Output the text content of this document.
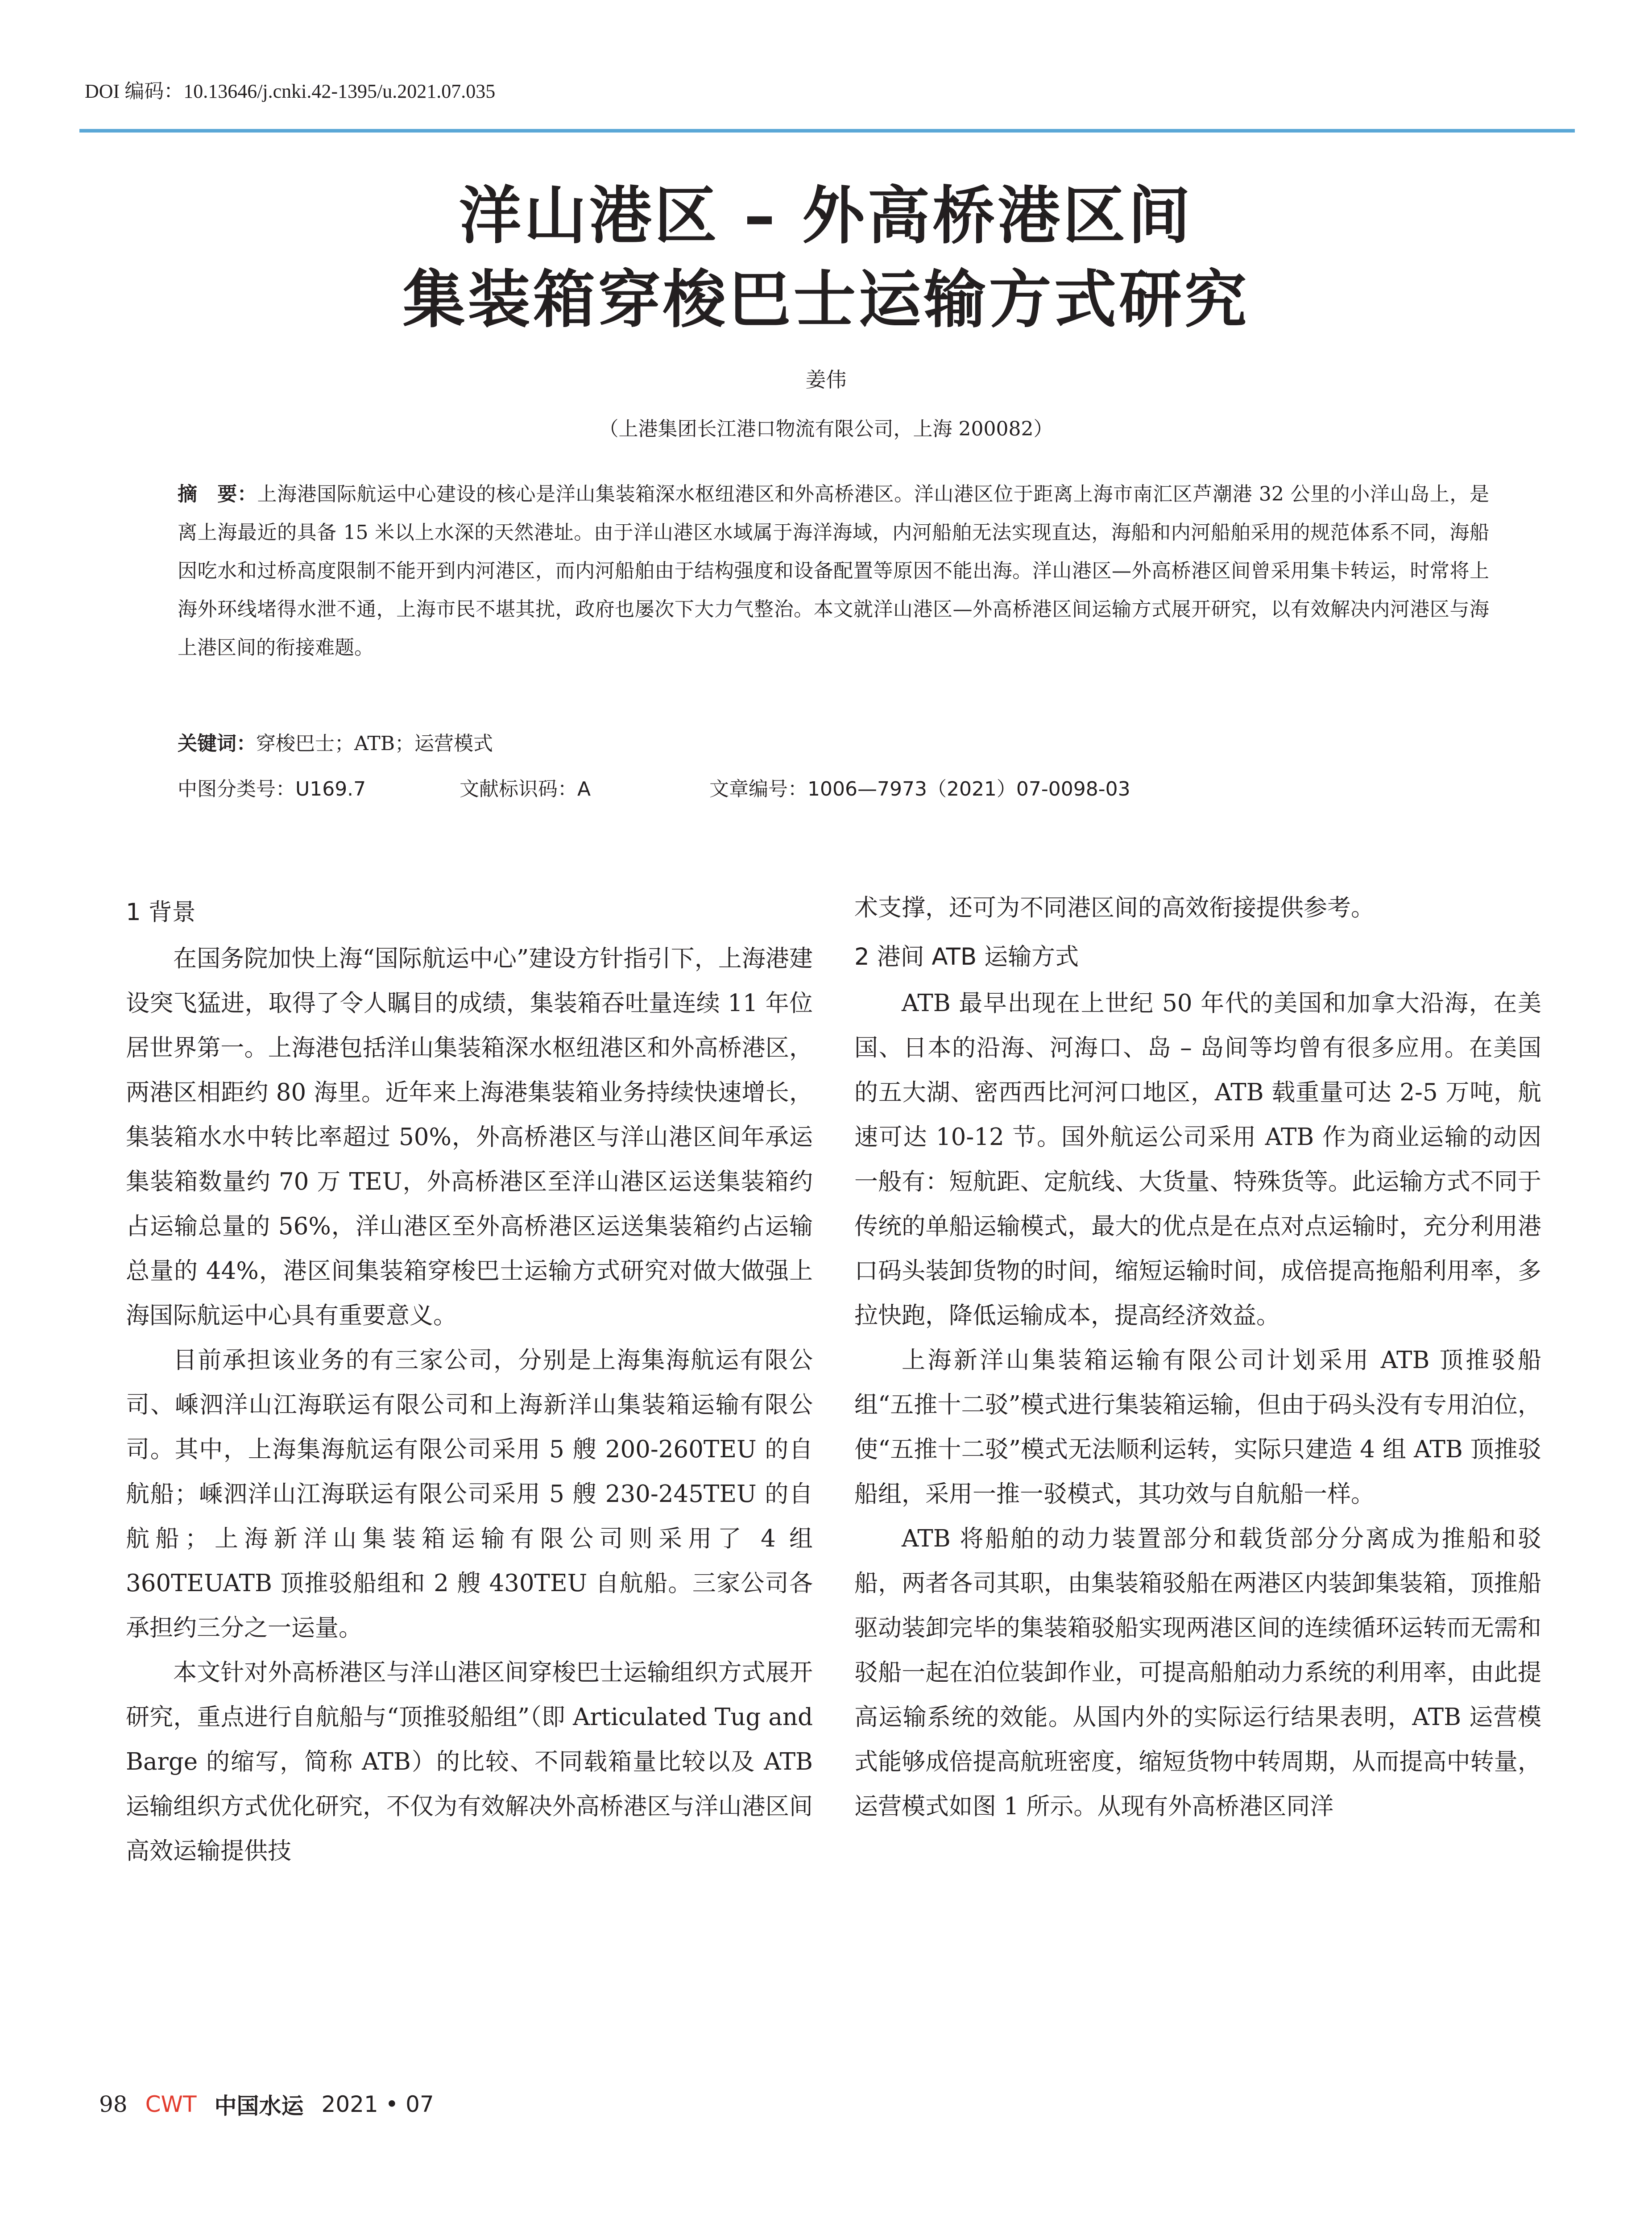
DOI 编码：10.13646/j.cnki.42-1395/u.2021.07.035
洋山港区 – 外高桥港区间
集装箱穿梭巴士运输方式研究
姜伟
（上港集团长江港口物流有限公司，上海 200082）
摘　要：上海港国际航运中心建设的核心是洋山集装箱深水枢纽港区和外高桥港区。洋山港区位于距离上海市南汇区芦潮港 32 公里的小洋山岛上，是离上海最近的具备 15 米以上水深的天然港址。由于洋山港区水域属于海洋海域，内河船舶无法实现直达，海船和内河船舶采用的规范体系不同，海船因吃水和过桥高度限制不能开到内河港区，而内河船舶由于结构强度和设备配置等原因不能出海。洋山港区—外高桥港区间曾采用集卡转运，时常将上海外环线堵得水泄不通，上海市民不堪其扰，政府也屡次下大力气整治。本文就洋山港区—外高桥港区间运输方式展开研究，以有效解决内河港区与海上港区间的衔接难题。
关键词：穿梭巴士；ATB；运营模式
中图分类号：U169.7	文献标识码：A	文章编号：1006—7973（2021）07-0098-03
1 背景

在国务院加快上海“国际航运中心”建设方针指引下，上海港建设突飞猛进，取得了令人瞩目的成绩，集装箱吞吐量连续 11 年位居世界第一。上海港包括洋山集装箱深水枢纽港区和外高桥港区，两港区相距约 80 海里。近年来上海港集装箱业务持续快速增长，集装箱水水中转比率超过 50%，外高桥港区与洋山港区间年承运集装箱数量约 70 万 TEU，外高桥港区至洋山港区运送集装箱约占运输总量的 56%，洋山港区至外高桥港区运送集装箱约占运输总量的 44%，港区间集装箱穿梭巴士运输方式研究对做大做强上海国际航运中心具有重要意义。

目前承担该业务的有三家公司，分别是上海集海航运有限公司、嵊泗洋山江海联运有限公司和上海新洋山集装箱运输有限公司。其中，上海集海航运有限公司采用 5 艘 200-260TEU 的自航船；嵊泗洋山江海联运有限公司采用 5 艘 230-245TEU 的自航船；上海新洋山集装箱运输有限公司则采用了 4 组 360TEUATB 顶推驳船组和 2 艘 430TEU 自航船。三家公司各承担约三分之一运量。

本文针对外高桥港区与洋山港区间穿梭巴士运输组织方式展开研究，重点进行自航船与“顶推驳船组”（即 Articulated Tug and Barge 的缩写，简称 ATB）的比较、不同载箱量比较以及 ATB 运输组织方式优化研究，不仅为有效解决外高桥港区与洋山港区间高效运输提供技

术支撑，还可为不同港区间的高效衔接提供参考。

2 港间 ATB 运输方式

ATB 最早出现在上世纪 50 年代的美国和加拿大沿海，在美国、日本的沿海、河海口、岛 – 岛间等均曾有很多应用。在美国的五大湖、密西西比河河口地区，ATB 载重量可达 2-5 万吨，航速可达 10-12 节。国外航运公司采用 ATB 作为商业运输的动因一般有：短航距、定航线、大货量、特殊货等。此运输方式不同于传统的单船运输模式，最大的优点是在点对点运输时，充分利用港口码头装卸货物的时间，缩短运输时间，成倍提高拖船利用率，多拉快跑，降低运输成本，提高经济效益。

上海新洋山集装箱运输有限公司计划采用 ATB 顶推驳船组“五推十二驳”模式进行集装箱运输，但由于码头没有专用泊位，使“五推十二驳”模式无法顺利运转，实际只建造 4 组 ATB 顶推驳船组，采用一推一驳模式，其功效与自航船一样。

ATB 将船舶的动力装置部分和载货部分分离成为推船和驳船，两者各司其职，由集装箱驳船在两港区内装卸集装箱，顶推船驱动装卸完毕的集装箱驳船实现两港区间的连续循环运转而无需和驳船一起在泊位装卸作业，可提高船舶动力系统的利用率，由此提高运输系统的效能。从国内外的实际运行结果表明，ATB 运营模式能够成倍提高航班密度，缩短货物中转周期，从而提高中转量，运营模式如图 1 所示。从现有外高桥港区同洋

98 CWT 中国水运 2021 • 07
